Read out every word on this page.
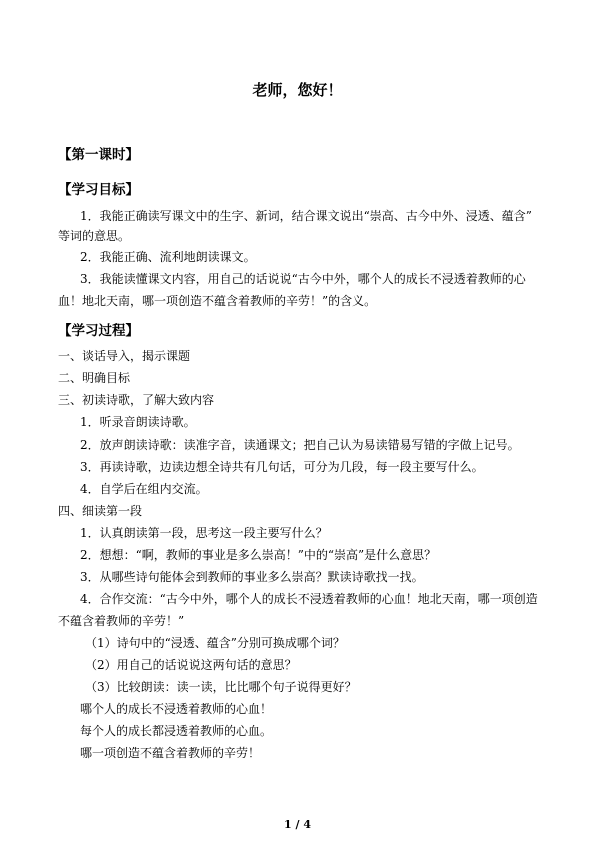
老师，您好！
【第一课时】
【学习目标】
1．我能正确读写课文中的生字、新词，结合课文说出“崇高、古今中外、浸透、蕴含”
等词的意思。
2．我能正确、流利地朗读课文。
3．我能读懂课文内容，用自己的话说说“古今中外，哪个人的成长不浸透着教师的心
血！地北天南，哪一项创造不蕴含着教师的辛劳！”的含义。
【学习过程】
一、谈话导入，揭示课题
二、明确目标
三、初读诗歌，了解大致内容
1．听录音朗读诗歌。
2．放声朗读诗歌：读准字音，读通课文；把自己认为易读错易写错的字做上记号。
3．再读诗歌，边读边想全诗共有几句话，可分为几段，每一段主要写什么。
4．自学后在组内交流。
四、细读第一段
1．认真朗读第一段，思考这一段主要写什么？
2．想想：“啊，教师的事业是多么崇高！”中的“崇高”是什么意思？
3．从哪些诗句能体会到教师的事业多么崇高？默读诗歌找一找。
4．合作交流：“古今中外，哪个人的成长不浸透着教师的心血！地北天南，哪一项创造
不蕴含着教师的辛劳！”
（1）诗句中的“浸透、蕴含”分别可换成哪个词？
（2）用自己的话说说这两句话的意思？
（3）比较朗读：读一读，比比哪个句子说得更好？
哪个人的成长不浸透着教师的心血！
每个人的成长都浸透着教师的心血。
哪一项创造不蕴含着教师的辛劳！
1 / 4
